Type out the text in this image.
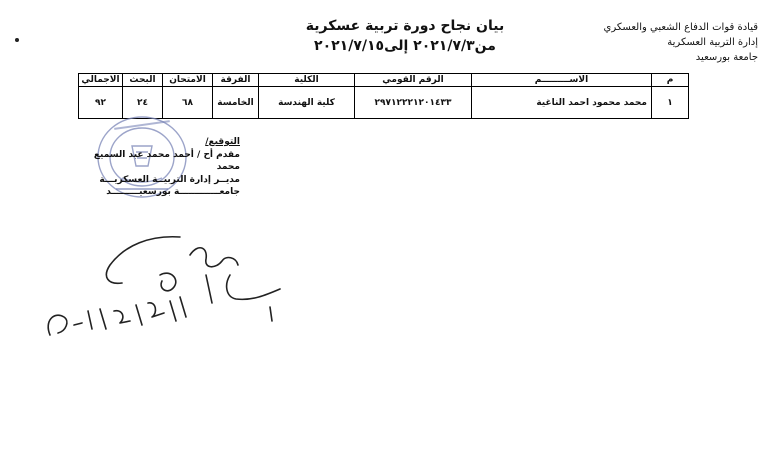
قيادة قوات الدفاع الشعبي والعسكري
إدارة التربية العسكرية
جامعة بورسعيد
بيان نجاح دورة تربية عسكرية
من٢٠٢١/٧/٣ إلى٢٠٢١/٧/١٥
م	الاســـــــــم	الرقم القومي	الكلية	الفرقة	الامتحان	البحث	الاجمالي
١	محمد محمود احمد الناغية	٢٩٧١٢٢٢١٢٠١٤٣٣	كلية الهندسة	الخامسة	٦٨	٢٤	٩٢
التوقيع/
مقدم أح / أحمد محمد عبد السميع محمد
مديــر إدارة التربيــة العسكريـــة
جامعـــــــــــــة بورسعيـــــــــد
